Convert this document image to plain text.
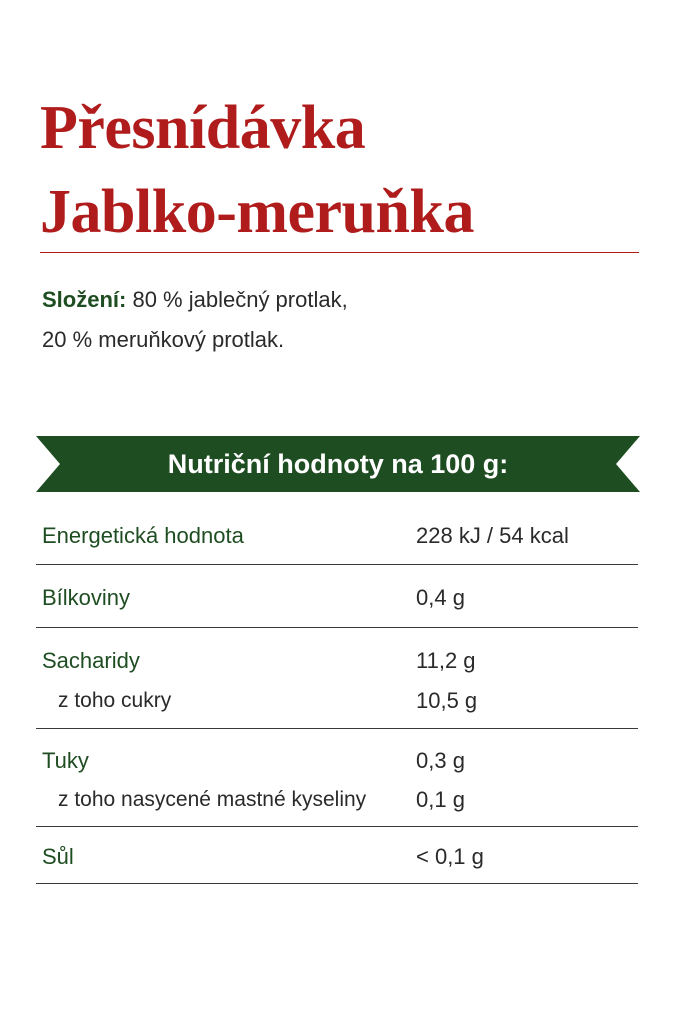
Přesnídávka
Jablko-meruňka
Složení: 80 % jablečný protlak,
20 % meruňkový protlak.
Nutriční hodnoty na 100 g:
Energetická hodnota	228 kJ / 54 kcal
Bílkoviny	0,4 g
Sacharidy	11,2 g
z toho cukry	10,5 g
Tuky	0,3 g
z toho nasycené mastné kyseliny 0,1 g
Sůl	< 0,1 g
